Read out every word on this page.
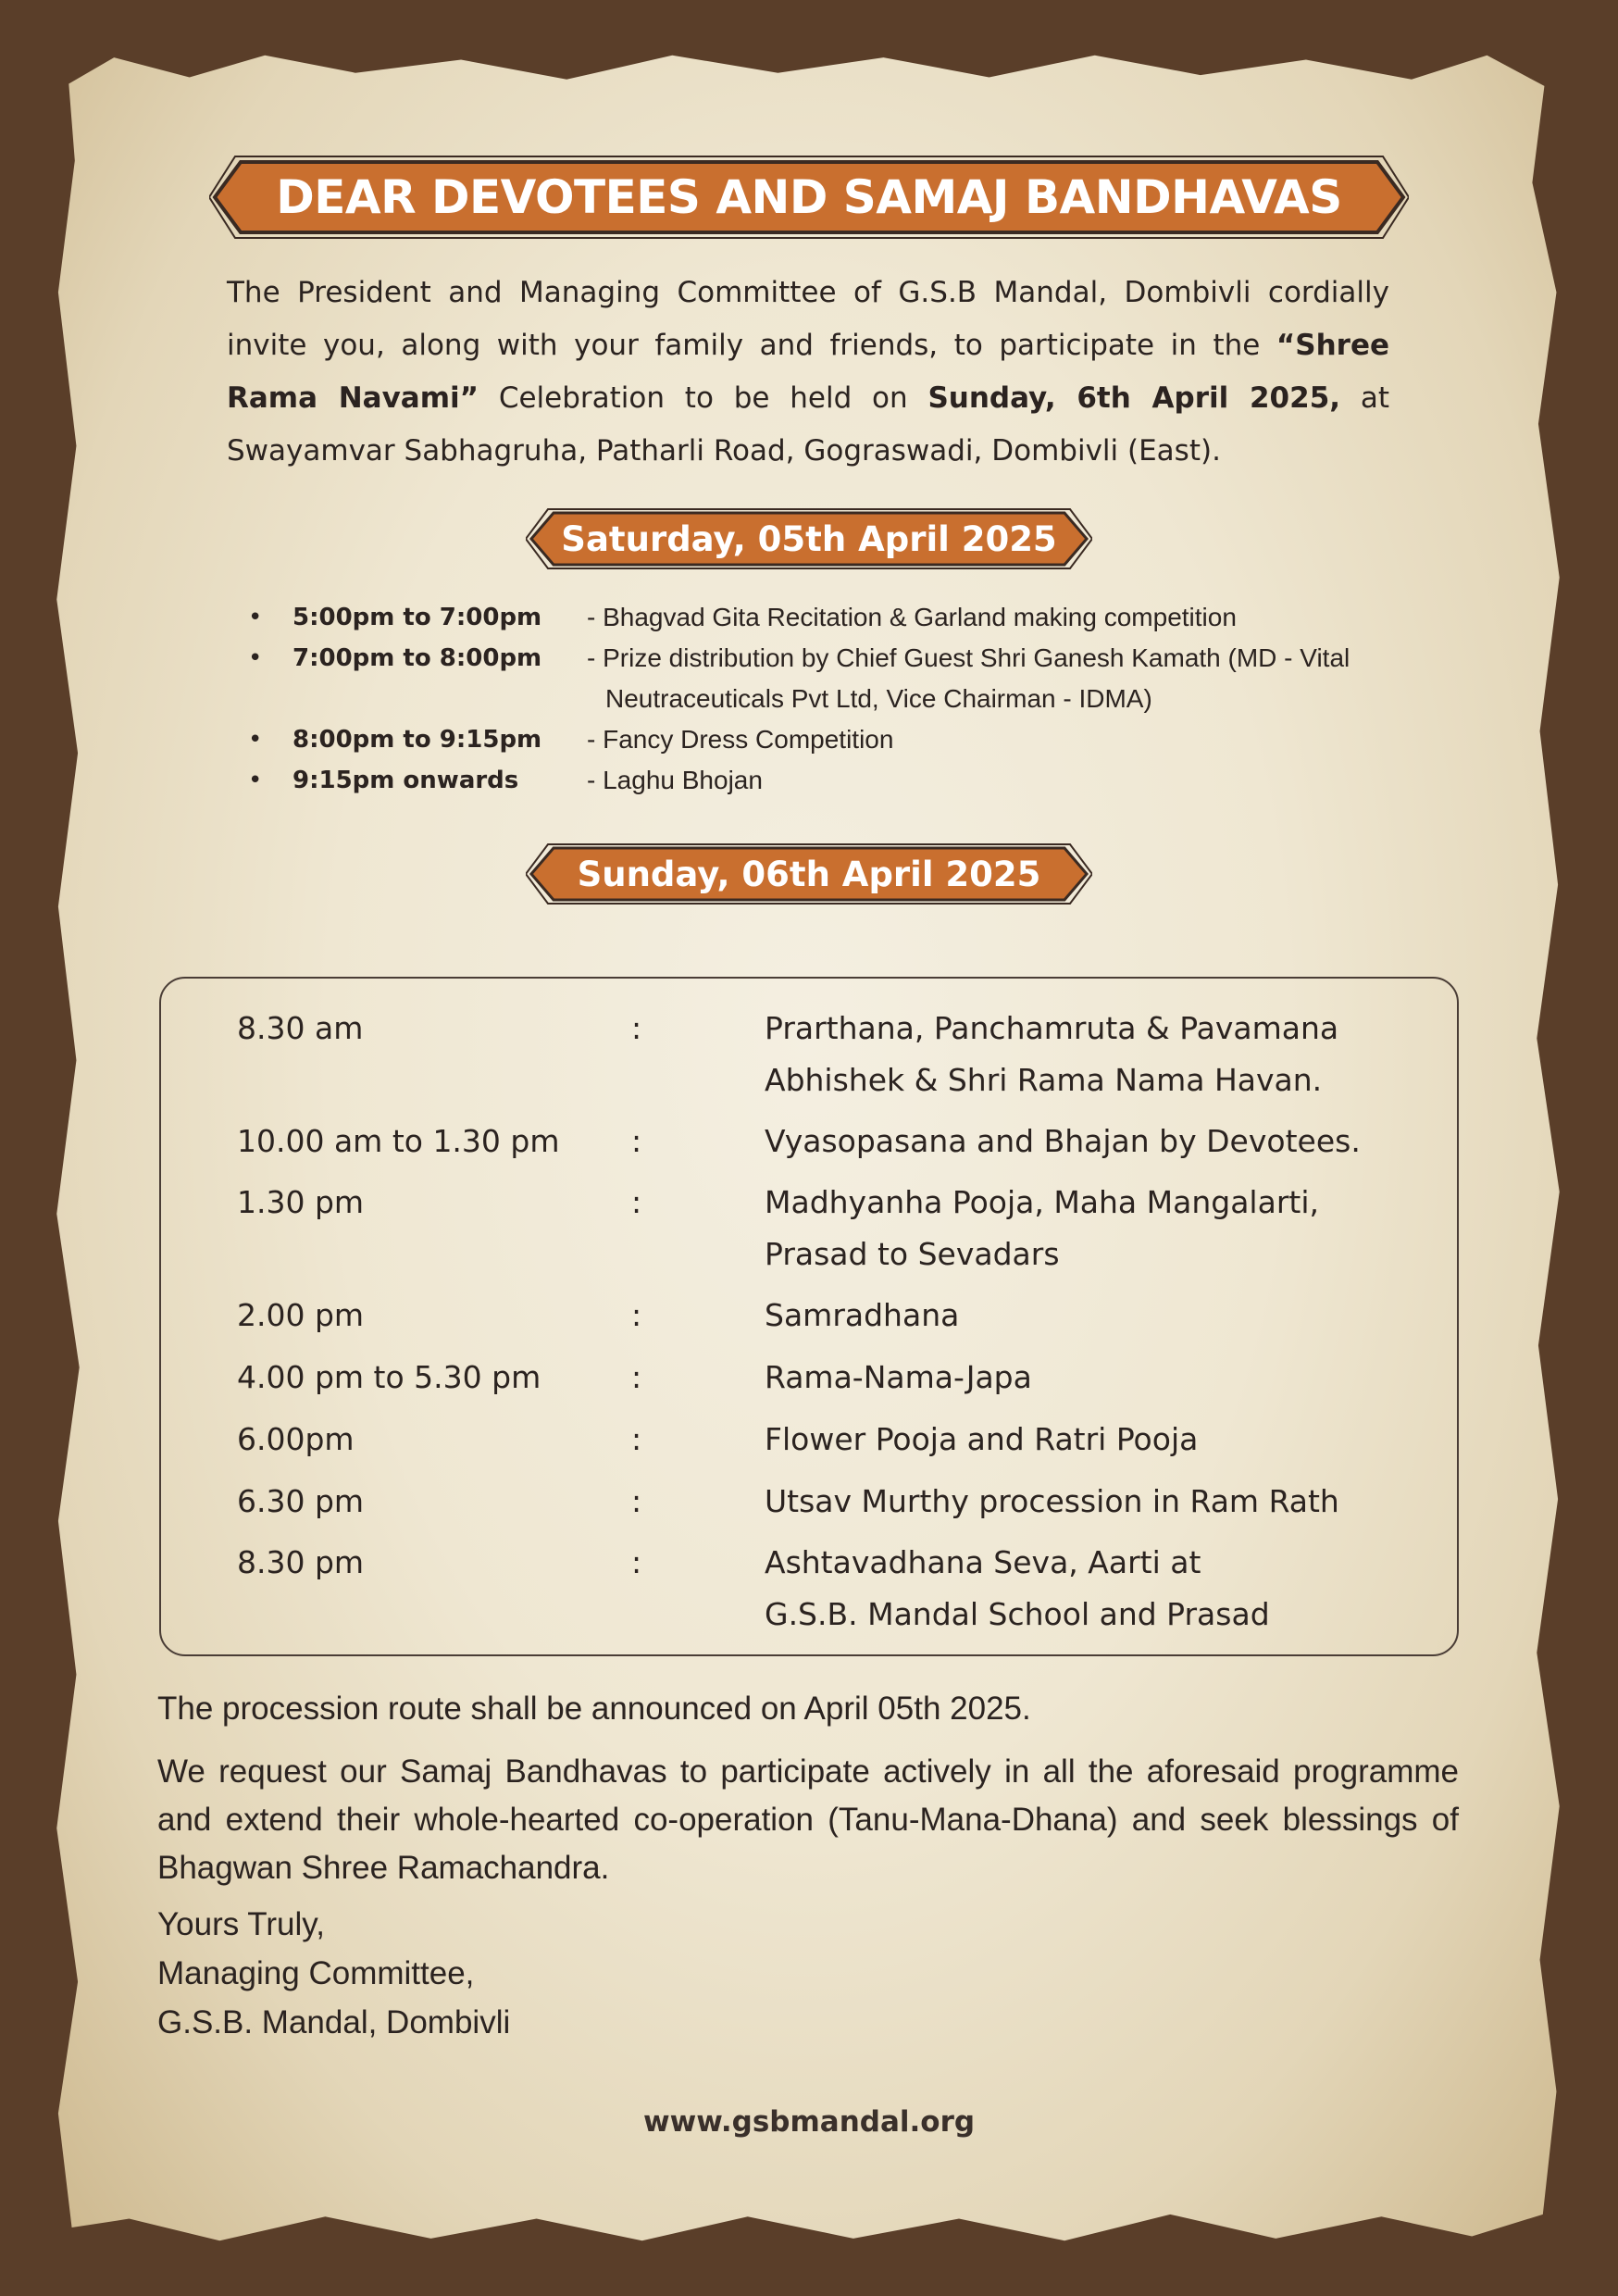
DEAR DEVOTEES AND SAMAJ BANDHAVAS

The President and Managing Committee of G.S.B Mandal, Dombivli cordially invite you, along with your family and friends, to participate in the “Shree Rama Navami” Celebration to be held on Sunday, 6th April 2025, at Swayamvar Sabhagruha, Patharli Road, Gograswadi, Dombivli (East).

Saturday, 05th April 2025
•	5:00pm to 7:00pm	- Bhagvad Gita Recitation & Garland making competition
•	7:00pm to 8:00pm	- Prize distribution by Chief Guest Shri Ganesh Kamath (MD - Vital Neutraceuticals Pvt Ltd, Vice Chairman - IDMA)
•	8:00pm to 9:15pm	- Fancy Dress Competition
•	9:15pm onwards	- Laghu Bhojan
Sunday, 06th April 2025
8.30 am	:	Prarthana, Panchamruta & Pavamana
Abhishek & Shri Rama Nama Havan.
10.00 am to 1.30 pm :	Vyasopasana and Bhajan by Devotees.
1.30 pm	:	Madhyanha Pooja, Maha Mangalarti,
Prasad to Sevadars
2.00 pm	:	Samradhana
4.00 pm to 5.30 pm	:	Rama-Nama-Japa
6.00pm	:	Flower Pooja and Ratri Pooja
6.30 pm	:	Utsav Murthy procession in Ram Rath
8.30 pm	:	Ashtavadhana Seva, Aarti at
G.S.B. Mandal School and Prasad

The procession route shall be announced on April 05th 2025.

We request our Samaj Bandhavas to participate actively in all the aforesaid programme and extend their whole-hearted co-operation (Tanu-Mana-Dhana) and seek blessings of Bhagwan Shree Ramachandra.

Yours Truly,
Managing Committee,
G.S.B. Mandal, Dombivli
www.gsbmandal.org
